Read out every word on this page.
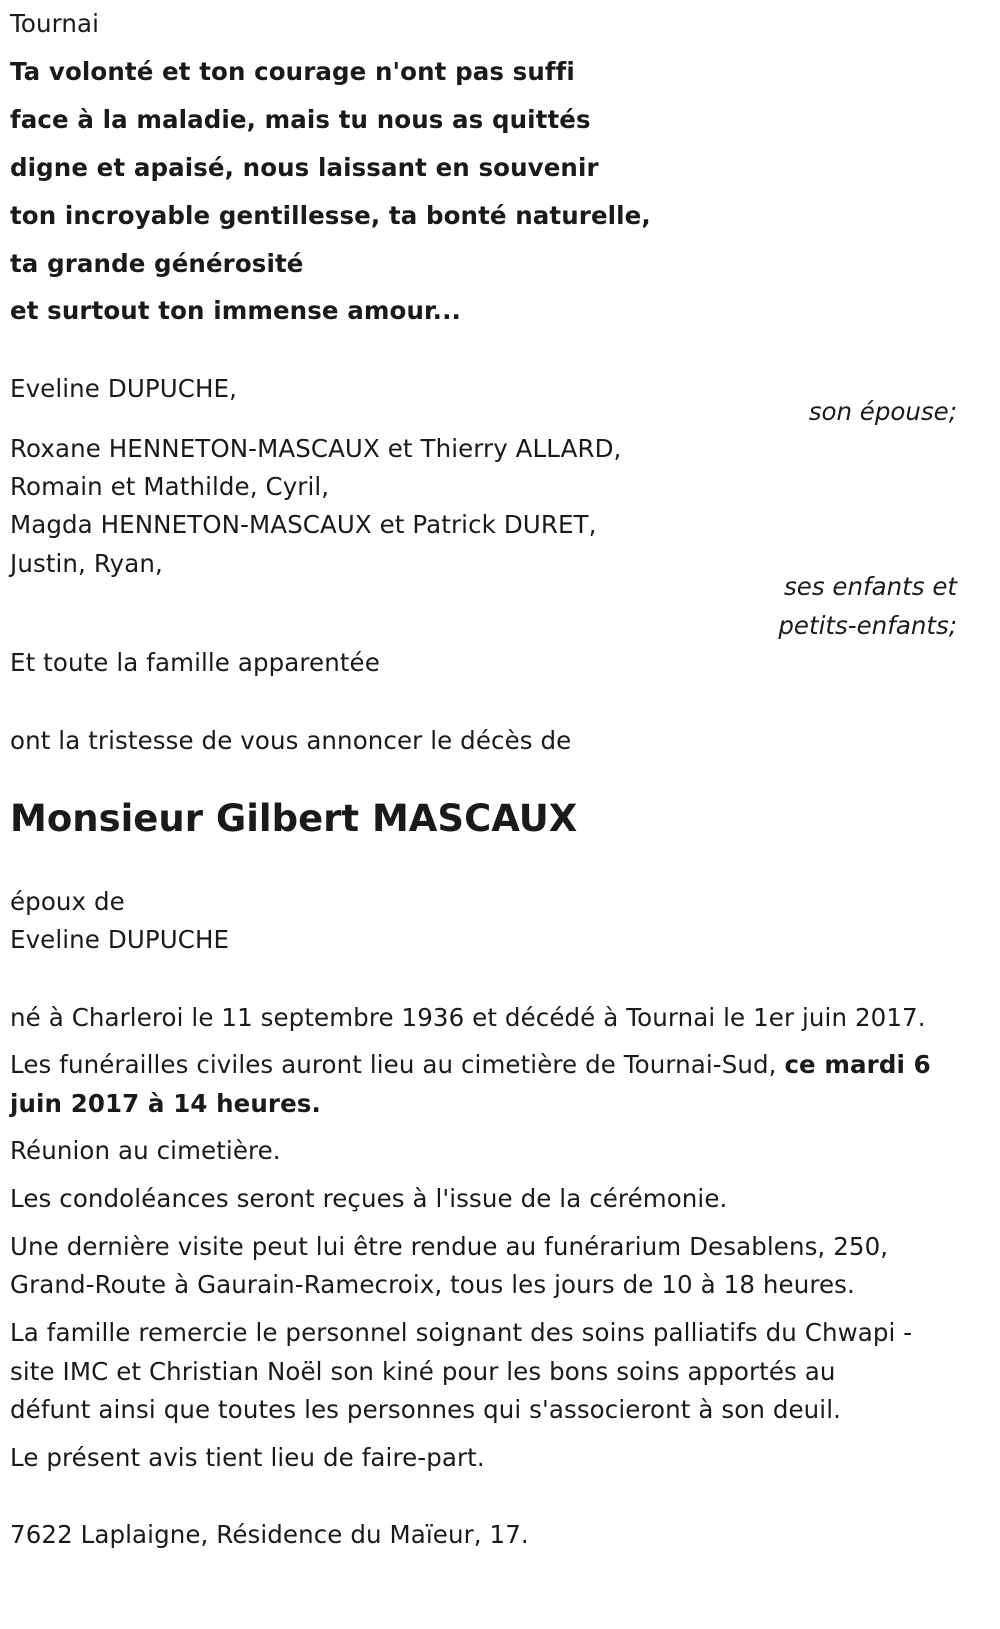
Tournai
Ta volonté et ton courage n'ont pas suffi
face à la maladie, mais tu nous as quittés
digne et apaisé, nous laissant en souvenir
ton incroyable gentillesse, ta bonté naturelle,
ta grande générosité
et surtout ton immense amour...
Eveline DUPUCHE,
son épouse;
Roxane HENNETON-MASCAUX et Thierry ALLARD,
Romain et Mathilde, Cyril,
Magda HENNETON-MASCAUX et Patrick DURET,
Justin, Ryan,
ses enfants et
petits-enfants;
Et toute la famille apparentée
ont la tristesse de vous annoncer le décès de
Monsieur Gilbert MASCAUX
époux de
Eveline DUPUCHE
né à Charleroi le 11 septembre 1936 et décédé à Tournai le 1er juin 2017.
Les funérailles civiles auront lieu au cimetière de Tournai-Sud, ce mardi 6
juin 2017 à 14 heures.
Réunion au cimetière.
Les condoléances seront reçues à l'issue de la cérémonie.
Une dernière visite peut lui être rendue au funérarium Desablens, 250,
Grand-Route à Gaurain-Ramecroix, tous les jours de 10 à 18 heures.
La famille remercie le personnel soignant des soins palliatifs du Chwapi -
site IMC et Christian Noël son kiné pour les bons soins apportés au
défunt ainsi que toutes les personnes qui s'associeront à son deuil.
Le présent avis tient lieu de faire-part.
7622 Laplaigne, Résidence du Maïeur, 17.
